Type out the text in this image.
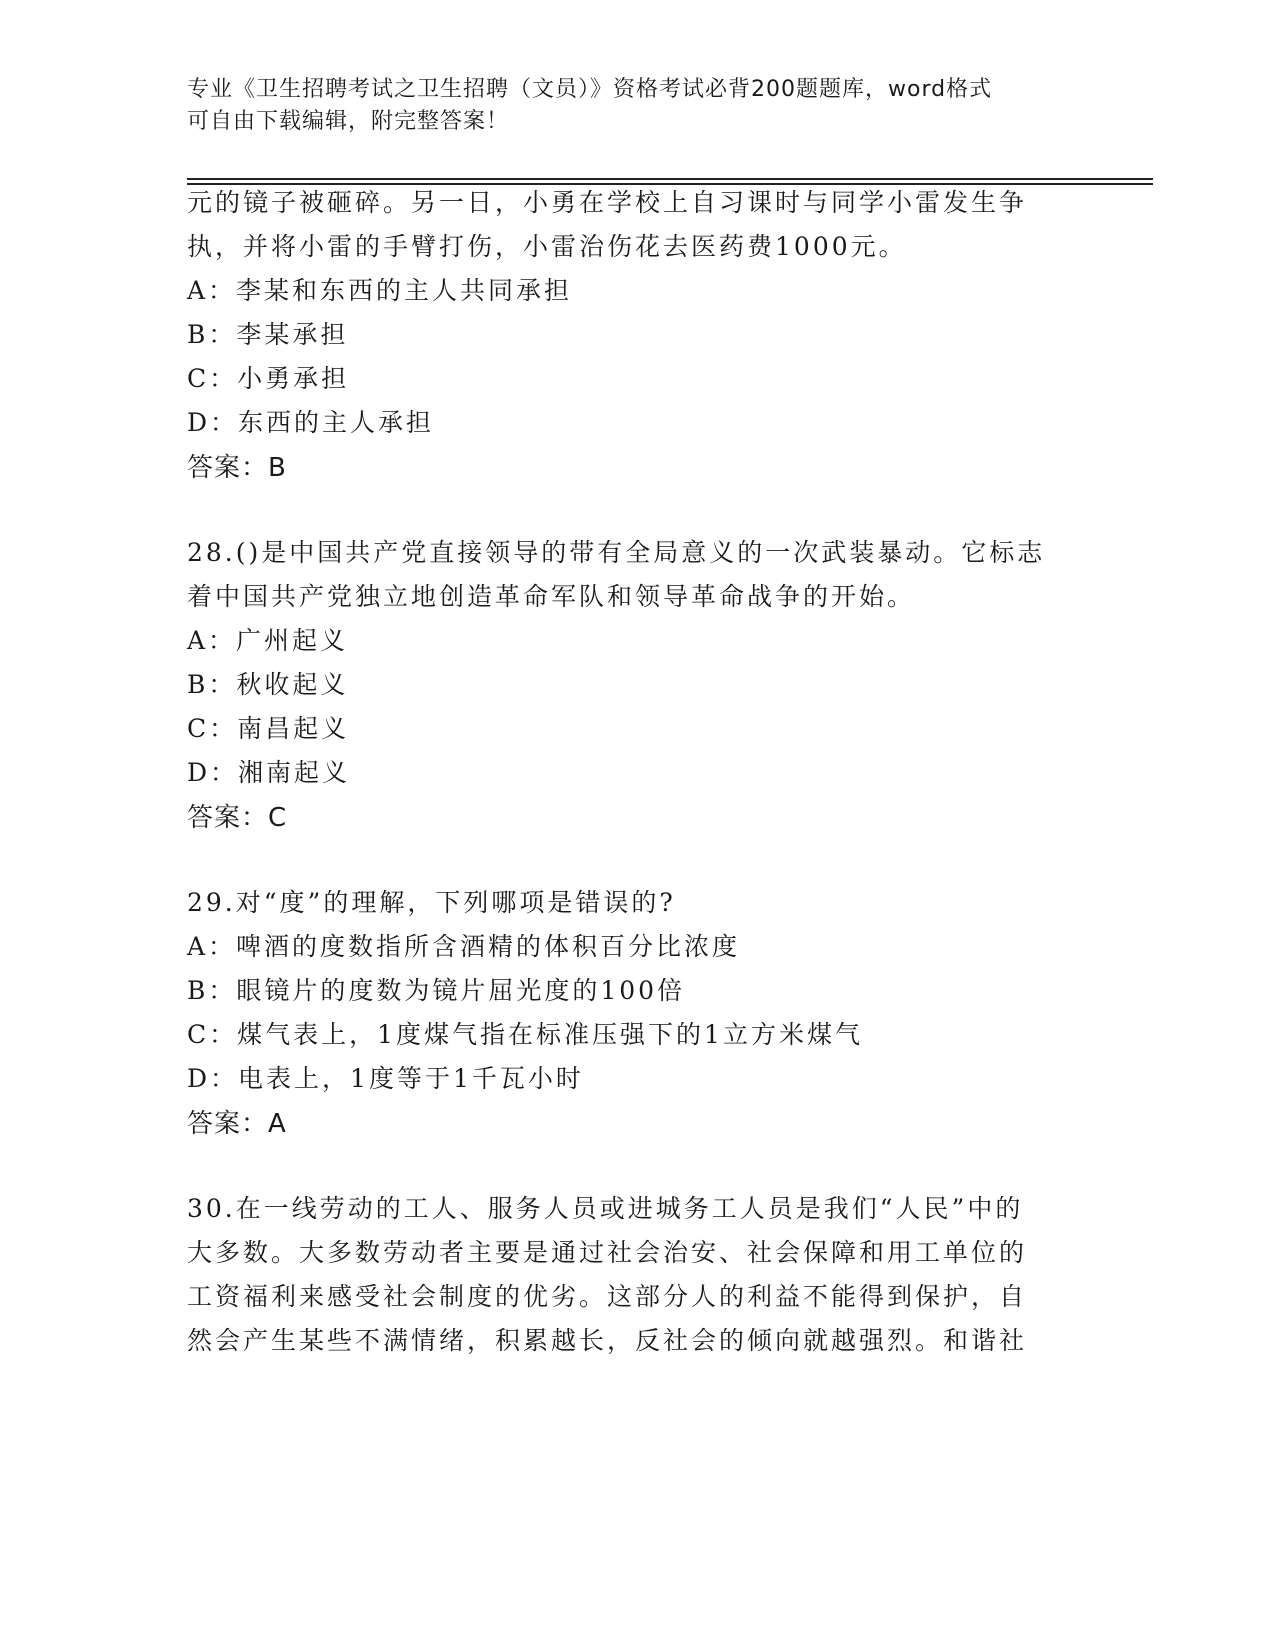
专业《卫生招聘考试之卫生招聘（文员）》资格考试必背200题题库，word格式
可自由下载编辑，附完整答案！
元的镜子被砸碎。另一日，小勇在学校上自习课时与同学小雷发生争
执，并将小雷的手臂打伤，小雷治伤花去医药费1000元。
A：李某和东西的主人共同承担
B：李某承担
C：小勇承担
D：东西的主人承担
答案：B
28.()是中国共产党直接领导的带有全局意义的一次武装暴动。它标志
着中国共产党独立地创造革命军队和领导革命战争的开始。
A：广州起义
B：秋收起义
C：南昌起义
D：湘南起义
答案：C
29.对“度”的理解，下列哪项是错误的?
A：啤酒的度数指所含酒精的体积百分比浓度
B：眼镜片的度数为镜片屈光度的100倍
C：煤气表上，1度煤气指在标准压强下的1立方米煤气
D：电表上，1度等于1千瓦小时
答案：A
30.在一线劳动的工人、服务人员或进城务工人员是我们“人民”中的
大多数。大多数劳动者主要是通过社会治安、社会保障和用工单位的
工资福利来感受社会制度的优劣。这部分人的利益不能得到保护，自
然会产生某些不满情绪，积累越长，反社会的倾向就越强烈。和谐社
